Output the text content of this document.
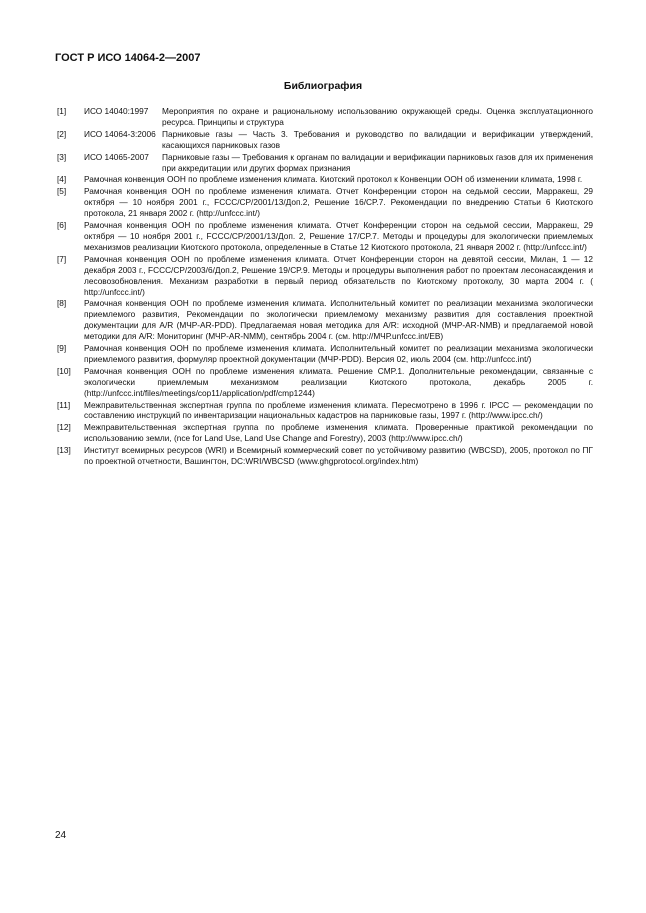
ГОСТ Р ИСО 14064-2—2007
Библиография
[1] ИСО 14040:1997 Мероприятия по охране и рациональному использованию окружающей среды. Оценка эксплуатационного ресурса. Принципы и структура
[2] ИСО 14064-3:2006 Парниковые газы — Часть 3. Требования и руководство по валидации и верификации утверждений, касающихся парниковых газов
[3] ИСО 14065-2007 Парниковые газы — Требования к органам по валидации и верификации парниковых газов для их применения при аккредитации или других формах признания
[4] Рамочная конвенция ООН по проблеме изменения климата. Киотский протокол к Конвенции ООН об изменении климата, 1998 г.
[5] Рамочная конвенция ООН по проблеме изменения климата. Отчет Конференции сторон на седьмой сессии, Марракеш, 29 октября — 10 ноября 2001 г., FCCC/CP/2001/13/Доп.2, Решение 16/CP.7. Рекомендации по внедрению Статьи 6 Киотского протокола, 21 января 2002 г. (http://unfccc.int/)
[6] Рамочная конвенция ООН по проблеме изменения климата. Отчет Конференции сторон на седьмой сессии, Марракеш, 29 октября — 10 ноября 2001 г., FCCC/CP/2001/13/Доп. 2, Решение 17/CP.7. Методы и процедуры для экологически приемлемых механизмов реализации Киотского протокола, определенные в Статье 12 Киотского протокола, 21 января 2002 г. (http://unfccc.int/)
[7] Рамочная конвенция ООН по проблеме изменения климата. Отчет Конференции сторон на девятой сессии, Милан, 1 — 12 декабря 2003 г., FCCC/CP/2003/6/Доп.2, Решение 19/CP.9. Методы и процедуры выполнения работ по проектам лесонасаждения и лесовозобновления. Механизм разработки в первый период обязательств по Киотскому протоколу, 30 марта 2004 г. ( http://unfccc.int/)
[8] Рамочная конвенция ООН по проблеме изменения климата. Исполнительный комитет по реализации механизма экологически приемлемого развития, Рекомендации по экологически приемлемому механизму развития для составления проектной документации для A/R (МЧР-AR-PDD). Предлагаемая новая методика для A/R: исходной (МЧР-AR-NMB) и предлагаемой новой методики для A/R: Мониторинг (МЧР-AR-NMM), сентябрь 2004 г. (см. http://МЧР.unfccc.int/EB)
[9] Рамочная конвенция ООН по проблеме изменения климата. Исполнительный комитет по реализации механизма экологически приемлемого развития, формуляр проектной документации (МЧР-PDD). Версия 02, июль 2004 (см. http://unfccc.int/)
[10] Рамочная конвенция ООН по проблеме изменения климата. Решение CMP.1. Дополнительные рекомендации, связанные с экологически приемлемым механизмом реализации Киотского протокола, декабрь 2005 г. (http://unfccc.int/files/meetings/cop11/application/pdf/cmp1244)
[11] Межправительственная экспертная группа по проблеме изменения климата. Пересмотрено в 1996 г. IPCC — рекомендации по составлению инструкций по инвентаризации национальных кадастров на парниковые газы, 1997 г. (http://www.ipcc.ch/)
[12] Межправительственная экспертная группа по проблеме изменения климата. Проверенные практикой рекомендации по использованию земли, (nce for Land Use, Land Use Change and Forestry), 2003 (http://www.ipcc.ch/)
[13] Институт всемирных ресурсов (WRI) и Всемирный коммерческий совет по устойчивому развитию (WBCSD), 2005, протокол по ПГ по проектной отчетности, Вашингтон, DC:WRI/WBCSD (www.ghgprotocol.org/index.htm)
24
